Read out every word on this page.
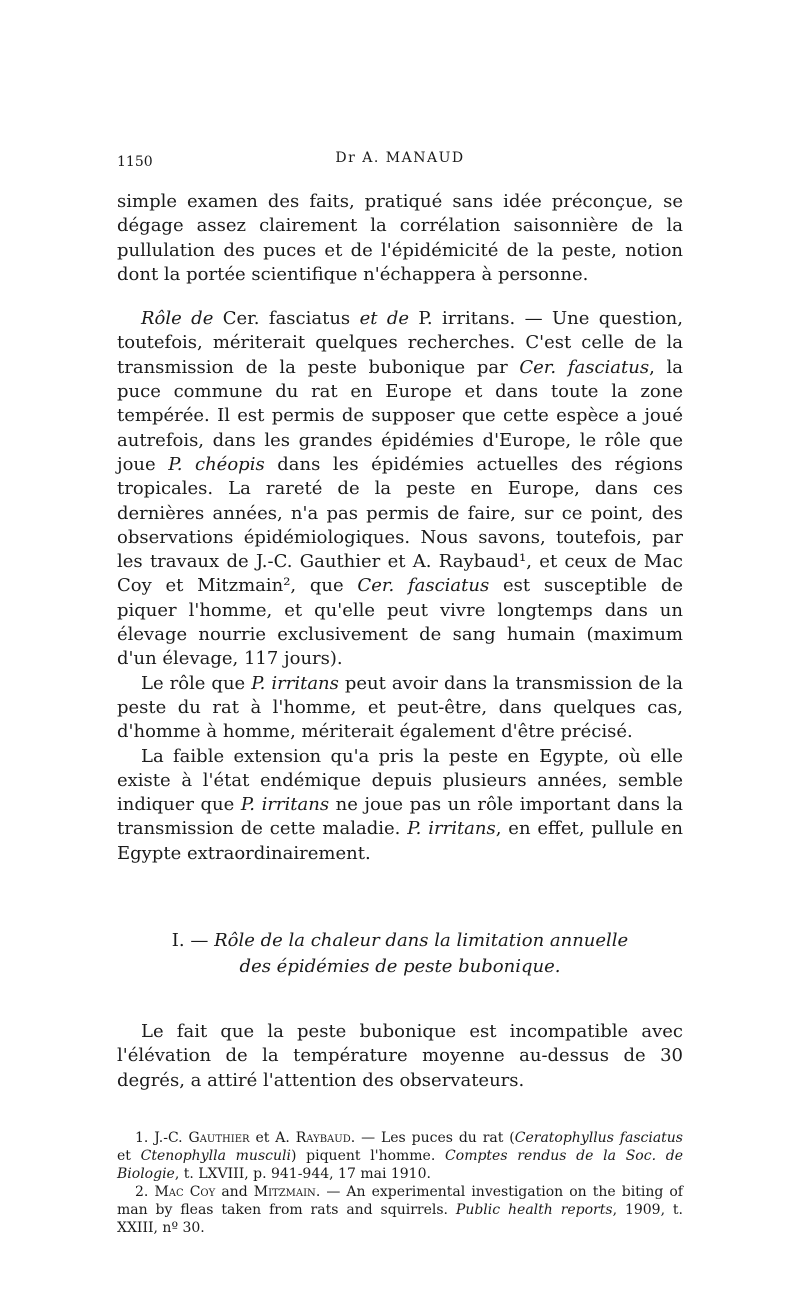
1150	Dr A. MANAUD

simple examen des faits, pratiqué sans idée préconçue, se dégage assez clairement la corrélation saisonnière de la pullulation des puces et de l'épidémicité de la peste, notion dont la portée scientifique n'échappera à personne.

Rôle de Cer. fasciatus et de P. irritans. — Une question, toutefois, mériterait quelques recherches. C'est celle de la transmission de la peste bubonique par Cer. fasciatus, la puce commune du rat en Europe et dans toute la zone tempérée. Il est permis de supposer que cette espèce a joué autrefois, dans les grandes épidémies d'Europe, le rôle que joue P. chéopis dans les épidémies actuelles des régions tropicales. La rareté de la peste en Europe, dans ces dernières années, n'a pas permis de faire, sur ce point, des observations épidémiologiques. Nous savons, toutefois, par les travaux de J.-C. Gauthier et A. Raybaud¹, et ceux de Mac Coy et Mitzmain², que Cer. fasciatus est susceptible de piquer l'homme, et qu'elle peut vivre longtemps dans un élevage nourrie exclusivement de sang humain (maximum d'un élevage, 117 jours).

Le rôle que P. irritans peut avoir dans la transmission de la peste du rat à l'homme, et peut-être, dans quelques cas, d'homme à homme, mériterait également d'être précisé.

La faible extension qu'a pris la peste en Egypte, où elle existe à l'état endémique depuis plusieurs années, semble indiquer que P. irritans ne joue pas un rôle important dans la transmission de cette maladie. P. irritans, en effet, pullule en Egypte extraordinairement.

I. — Rôle de la chaleur dans la limitation annuelle
des épidémies de peste bubonique.

Le fait que la peste bubonique est incompatible avec l'élévation de la température moyenne au-dessus de 30 degrés, a attiré l'attention des observateurs.

1. J.-C. Gauthier et A. Raybaud. — Les puces du rat (Ceratophyllus fasciatus et Ctenophylla musculi) piquent l'homme. Comptes rendus de la Soc. de Biologie, t. LXVIII, p. 941-944, 17 mai 1910.

2. Mac Coy and Mitzmain. — An experimental investigation on the biting of man by fleas taken from rats and squirrels. Public health reports, 1909, t. XXIII, nº 30.
